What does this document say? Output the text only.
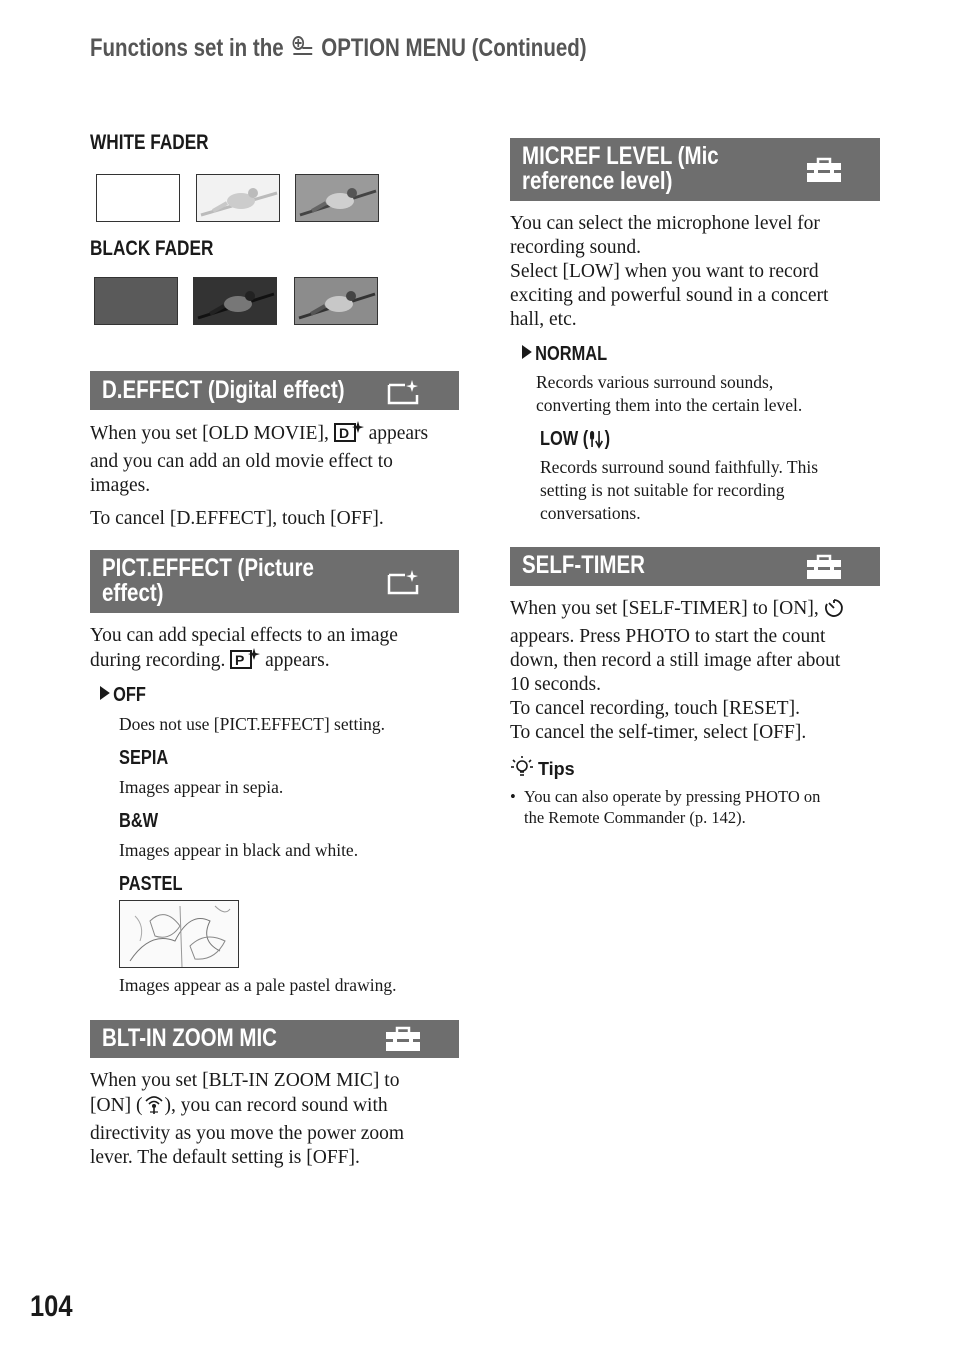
Functions set in the OPTION MENU (Continued)
WHITE FADER
BLACK FADER
D.EFFECT (Digital effect)
When you set [OLD MOVIE], D appears
and you can add an old movie effect to
images.
To cancel [D.EFFECT], touch [OFF].
PICT.EFFECT (Picture
effect)
You can add special effects to an image
during recording. P appears.
OFF
Does not use [PICT.EFFECT] setting.
SEPIA
Images appear in sepia.
B&W
Images appear in black and white.
PASTEL
Images appear as a pale pastel drawing.
BLT-IN ZOOM MIC
When you set [BLT-IN ZOOM MIC] to
[ON] ( ), you can record sound with
directivity as you move the power zoom
lever. The default setting is [OFF].
MICREF LEVEL (Mic
reference level)
You can select the microphone level for
recording sound.
Select [LOW] when you want to record
exciting and powerful sound in a concert
hall, etc.
NORMAL
Records various surround sounds,
converting them into the certain level.
LOW ( )
Records surround sound faithfully. This
setting is not suitable for recording
conversations.
SELF-TIMER
When you set [SELF-TIMER] to [ON],
appears. Press PHOTO to start the count
down, then record a still image after about
10 seconds.
To cancel recording, touch [RESET].
To cancel the self-timer, select [OFF].
Tips
• You can also operate by pressing PHOTO on
the Remote Commander (p. 142).
104
